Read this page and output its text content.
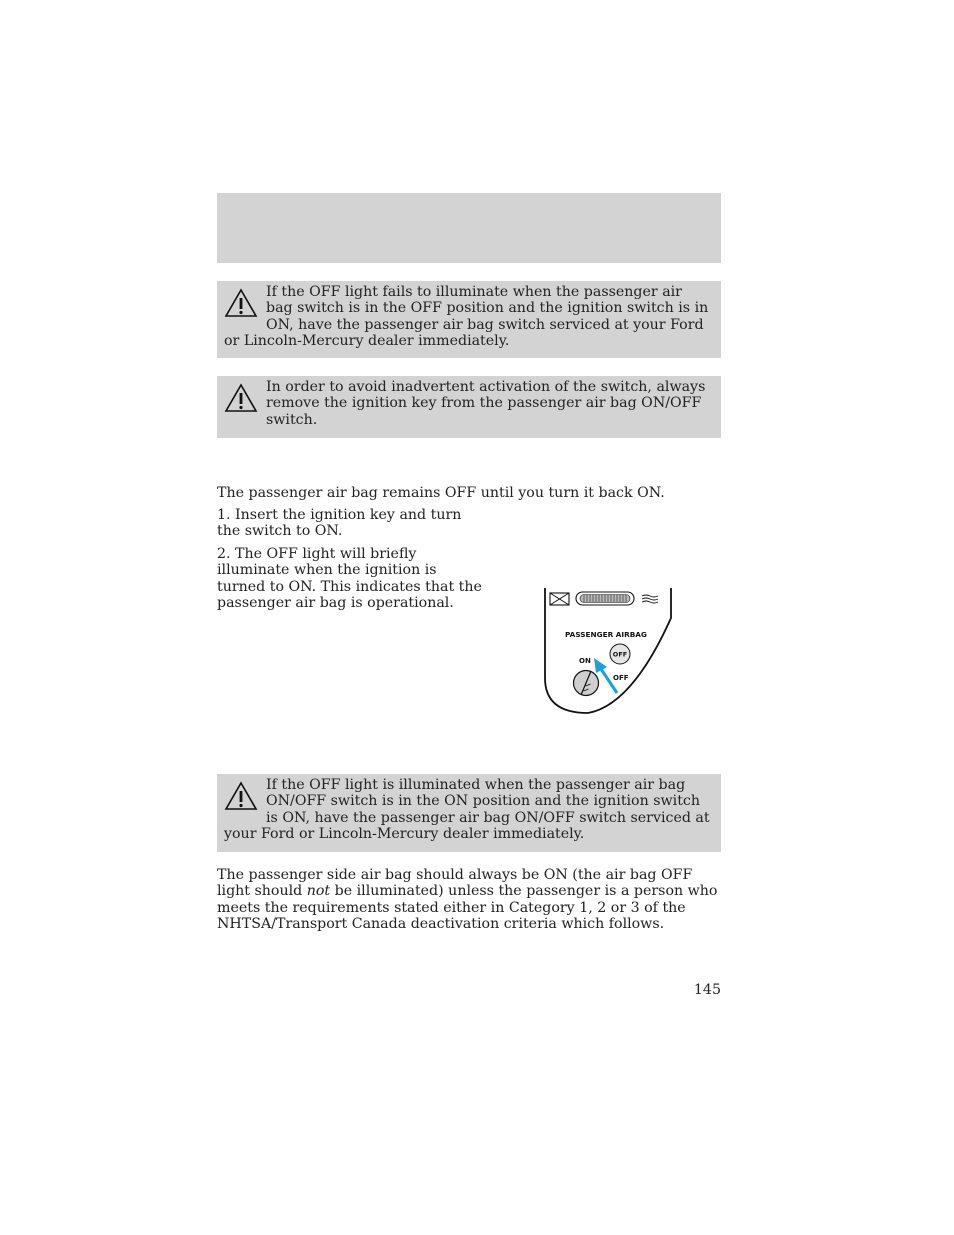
If the OFF light fails to illuminate when the passenger air bag switch is in the OFF position and the ignition switch is in ON, have the passenger air bag switch serviced at your Ford or Lincoln-Mercury dealer immediately.

In order to avoid inadvertent activation of the switch, always remove the ignition key from the passenger air bag ON/OFF switch.

The passenger air bag remains OFF until you turn it back ON.

1. Insert the ignition key and turn the switch to ON.

2. The OFF light will briefly illuminate when the ignition is turned to ON. This indicates that the passenger air bag is operational.

PASSENGER AIRBAG
OFF
ON
OFF

If the OFF light is illuminated when the passenger air bag ON/OFF switch is in the ON position and the ignition switch is ON, have the passenger air bag ON/OFF switch serviced at your Ford or Lincoln-Mercury dealer immediately.

The passenger side air bag should always be ON (the air bag OFF light should not be illuminated) unless the passenger is a person who meets the requirements stated either in Category 1, 2 or 3 of the NHTSA/Transport Canada deactivation criteria which follows.

145
